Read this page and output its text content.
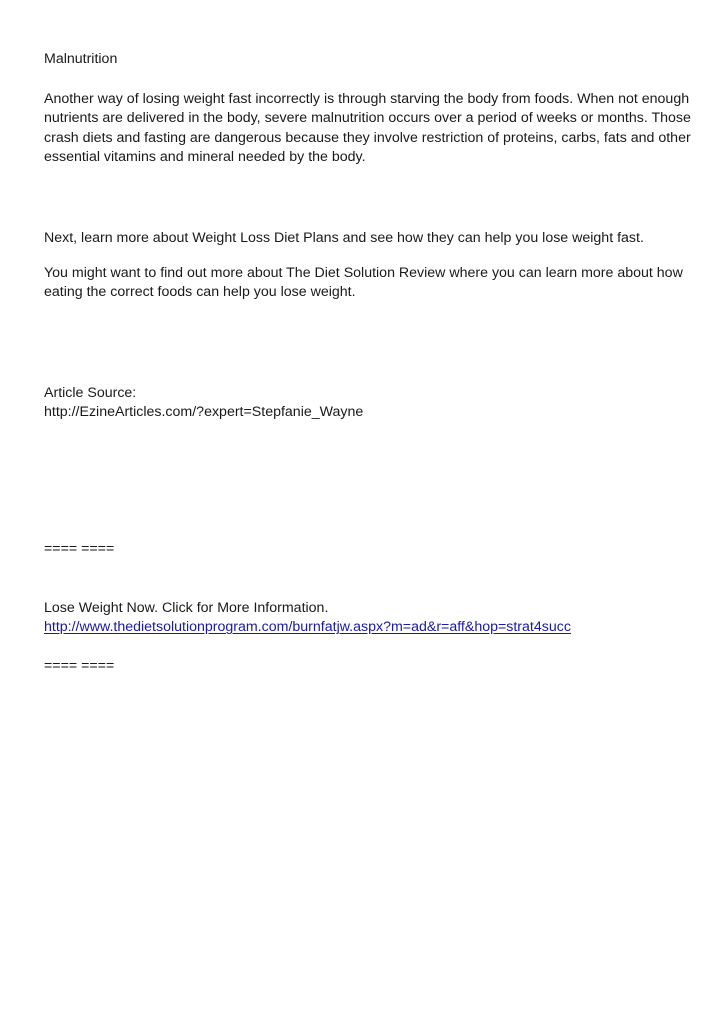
Malnutrition

Another way of losing weight fast incorrectly is through starving the body from foods. When not enough nutrients are delivered in the body, severe malnutrition occurs over a period of weeks or months. Those crash diets and fasting are dangerous because they involve restriction of proteins, carbs, fats and other essential vitamins and mineral needed by the body.

Next, learn more about Weight Loss Diet Plans and see how they can help you lose weight fast.

You might want to find out more about The Diet Solution Review where you can learn more about how eating the correct foods can help you lose weight.

Article Source:

http://EzineArticles.com/?expert=Stepfanie_Wayne

==== ====

Lose Weight Now. Click for More Information.

http://www.thedietsolutionprogram.com/burnfatjw.aspx?m=ad&r=aff&hop=strat4succ

==== ====
